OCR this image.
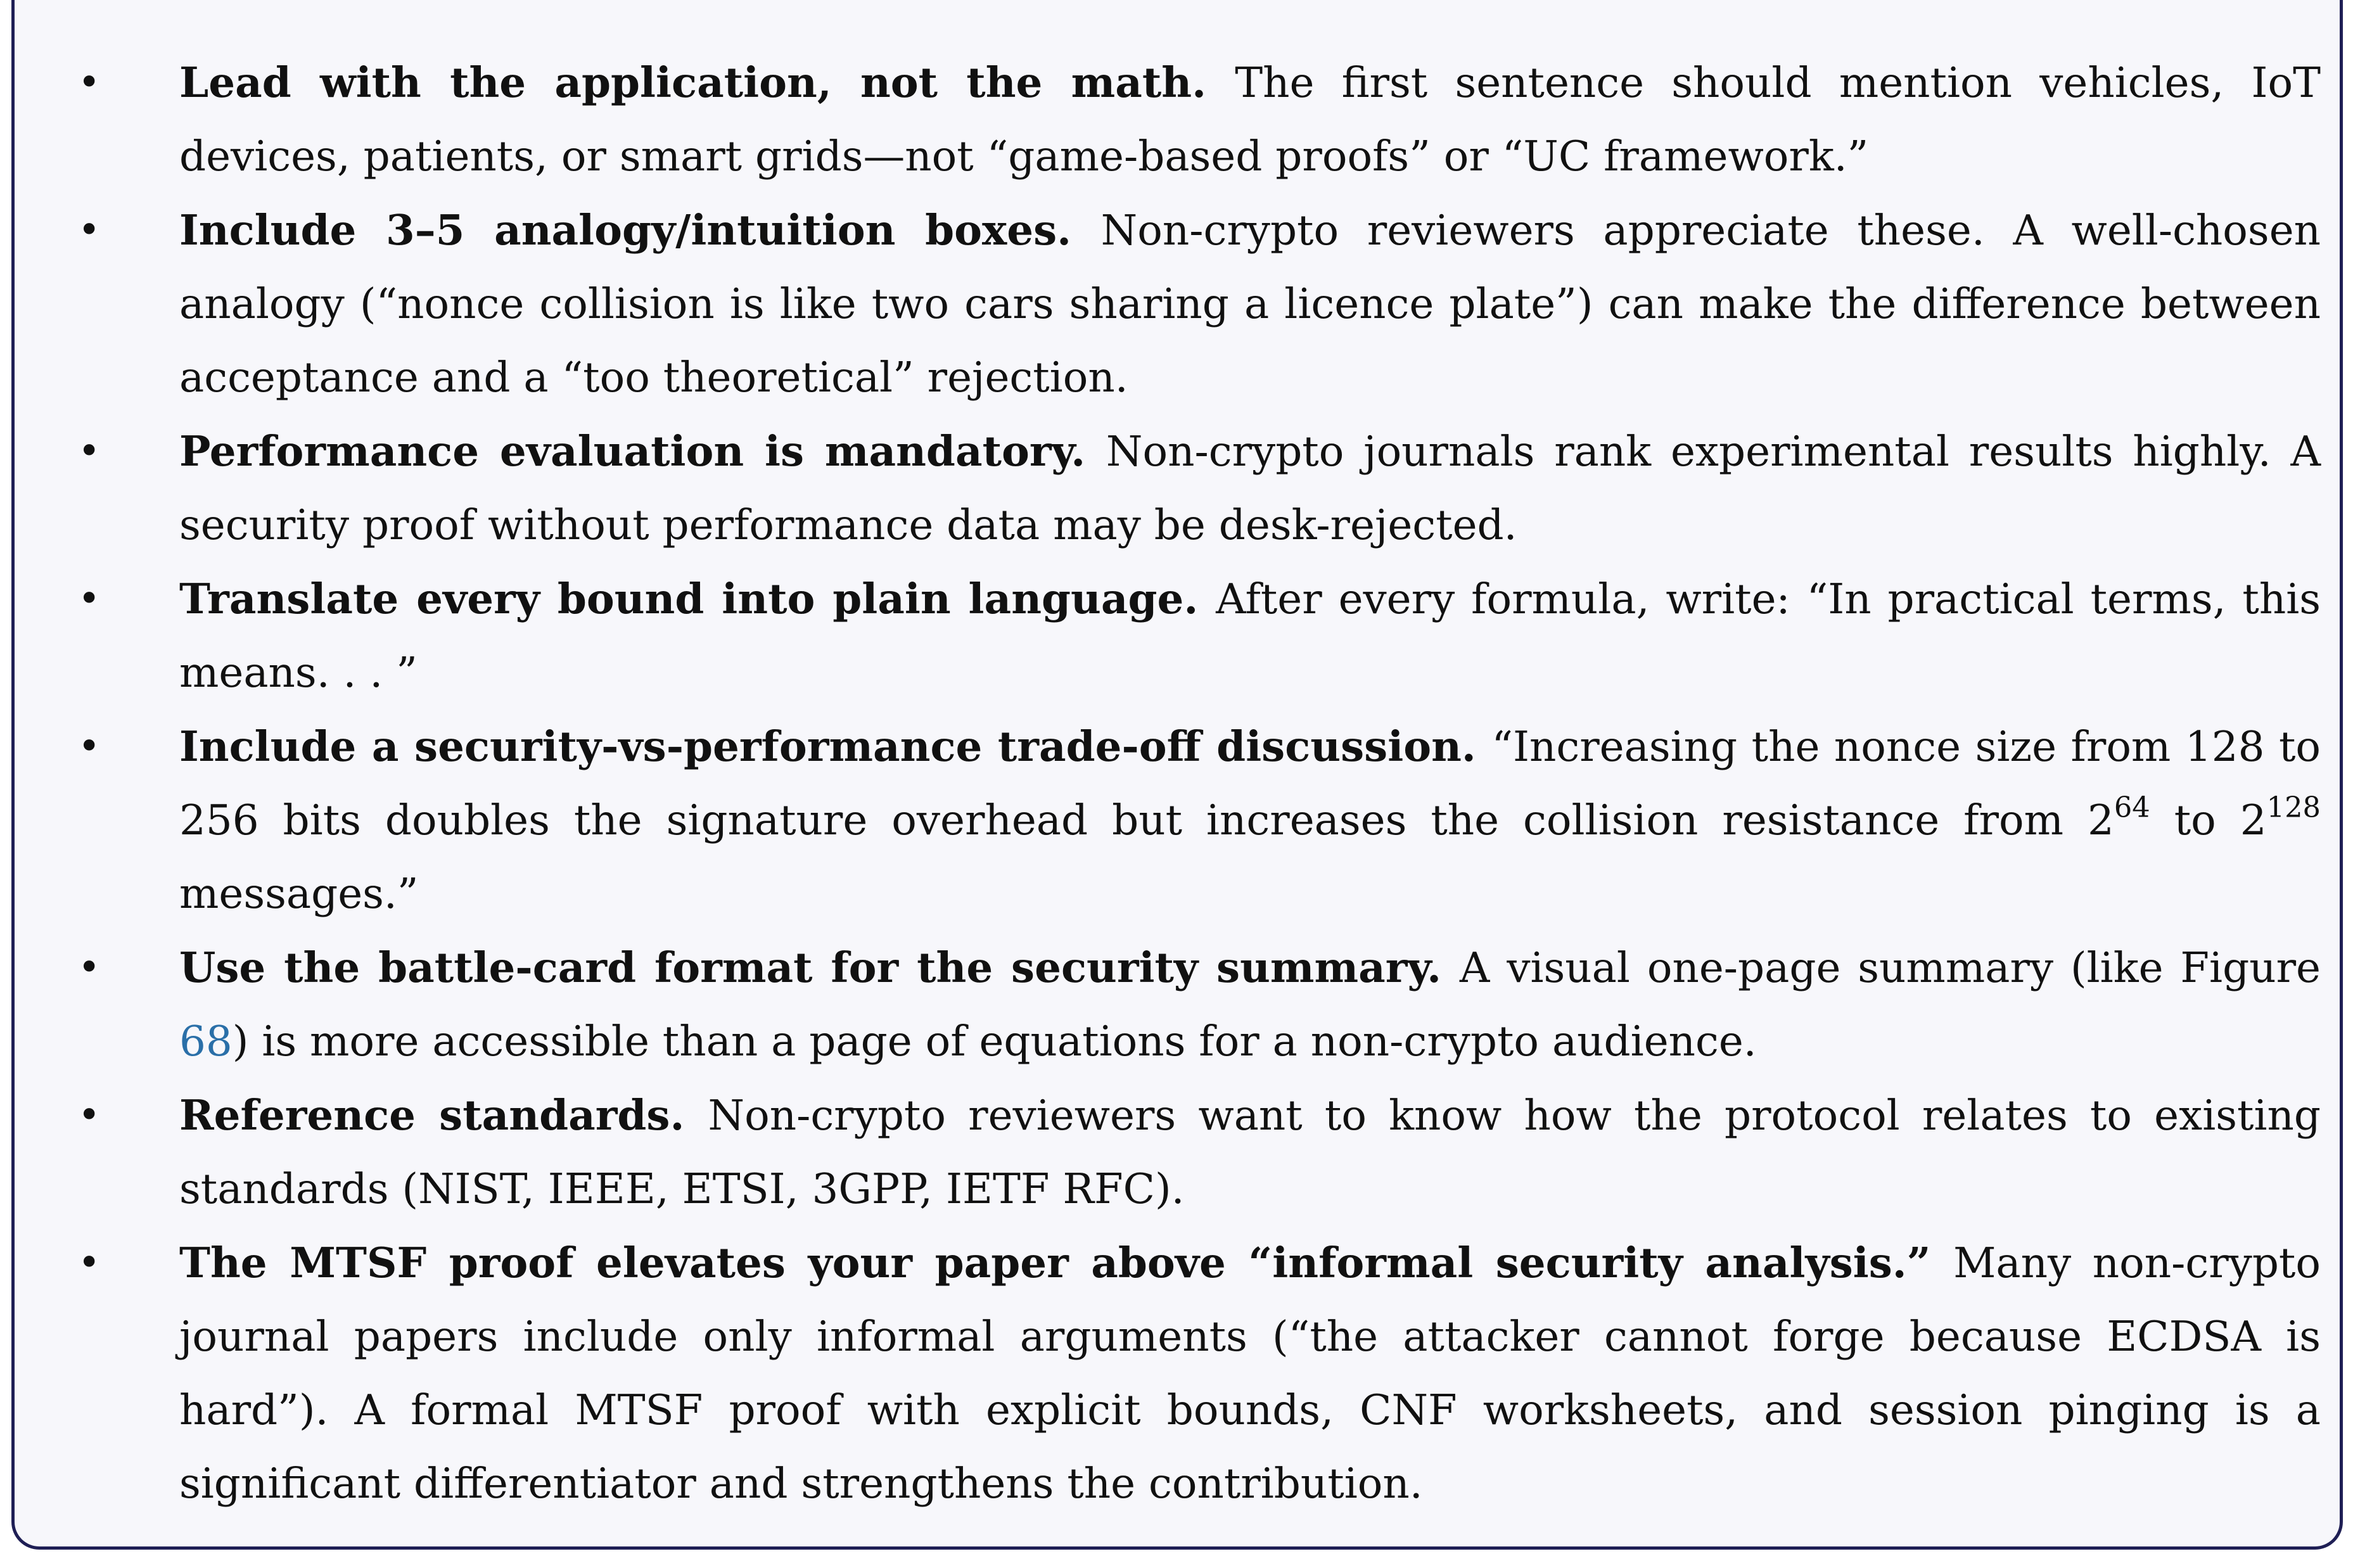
• Lead with the application, not the math. The first sentence should mention vehicles, IoT devices, patients, or smart grids—not “game-based proofs” or “UC framework.”
• Include 3–5 analogy/intuition boxes. Non-crypto reviewers appreciate these. A well-chosen analogy (“nonce collision is like two cars sharing a licence plate”) can make the difference between acceptance and a “too theoretical” rejection.
• Performance evaluation is mandatory. Non-crypto journals rank experimental results highly. A security proof without performance data may be desk-rejected.
• Translate every bound into plain language. After every formula, write: “In practical terms, this means. . . ”
• Include a security-vs-performance trade-off discussion. “Increasing the nonce size from 128 to 256 bits doubles the signature overhead but increases the collision resistance from $2^{64}$ to $2^{128}$ messages.”
• Use the battle-card format for the security summary. A visual one-page summary (like Figure 68) is more accessible than a page of equations for a non-crypto audience.
• Reference standards. Non-crypto reviewers want to know how the protocol relates to existing standards (NIST, IEEE, ETSI, 3GPP, IETF RFC).
• The MTSF proof elevates your paper above “informal security analysis.” Many non-crypto journal papers include only informal arguments (“the attacker cannot forge because ECDSA is hard”). A formal MTSF proof with explicit bounds, CNF worksheets, and session pinging is a significant differentiator and strengthens the contribution.
